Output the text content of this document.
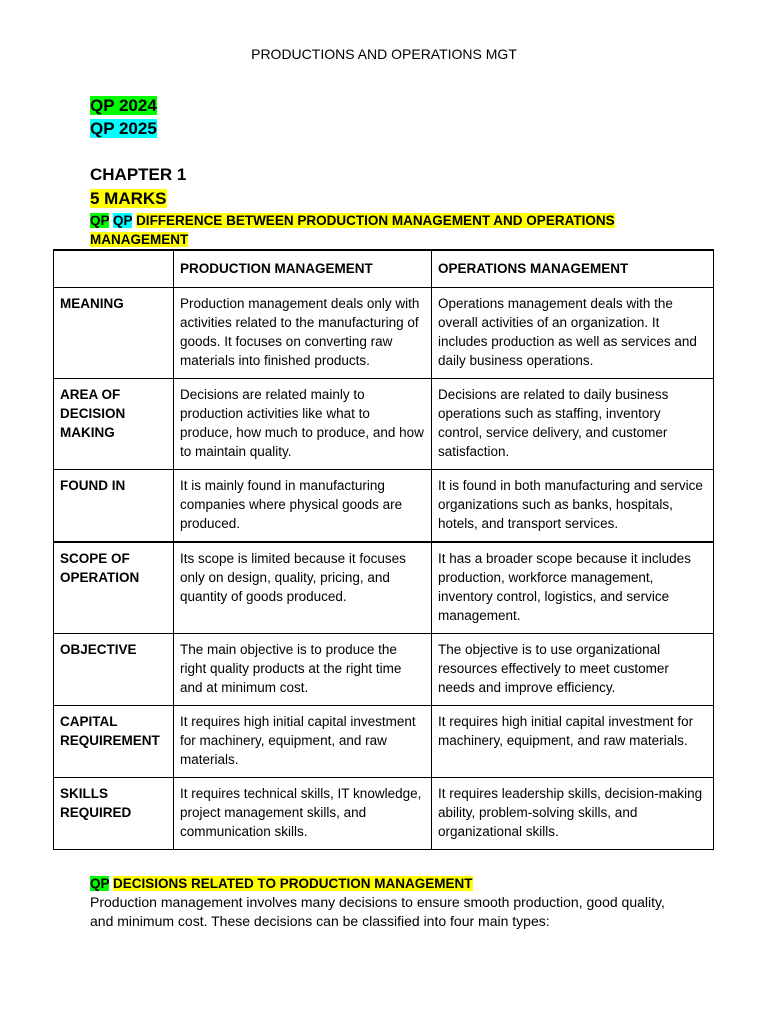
PRODUCTIONS AND OPERATIONS MGT
QP 2024
QP 2025
CHAPTER 1
5 MARKS
QP QP DIFFERENCE BETWEEN PRODUCTION MANAGEMENT AND OPERATIONS MANAGEMENT
	PRODUCTION MANAGEMENT	OPERATIONS MANAGEMENT
MEANING	Production management deals only with activities related to the manufacturing of goods. It focuses on converting raw materials into finished products.	Operations management deals with the overall activities of an organization. It includes production as well as services and daily business operations.
AREA OF DECISION MAKING	Decisions are related mainly to production activities like what to produce, how much to produce, and how to maintain quality.	Decisions are related to daily business operations such as staffing, inventory control, service delivery, and customer satisfaction.
FOUND IN	It is mainly found in manufacturing companies where physical goods are produced.	It is found in both manufacturing and service organizations such as banks, hospitals, hotels, and transport services.
SCOPE OF OPERATION	Its scope is limited because it focuses only on design, quality, pricing, and quantity of goods produced.	It has a broader scope because it includes production, workforce management, inventory control, logistics, and service management.
OBJECTIVE	The main objective is to produce the right quality products at the right time and at minimum cost.	The objective is to use organizational resources effectively to meet customer needs and improve efficiency.
CAPITAL REQUIREMENT	It requires high initial capital investment for machinery, equipment, and raw materials.	It requires high initial capital investment for machinery, equipment, and raw materials.
SKILLS REQUIRED	It requires technical skills, IT knowledge, project management skills, and communication skills.	It requires leadership skills, decision-making ability, problem-solving skills, and organizational skills.
QP DECISIONS RELATED TO PRODUCTION MANAGEMENT
Production management involves many decisions to ensure smooth production, good quality, and minimum cost. These decisions can be classified into four main types:
